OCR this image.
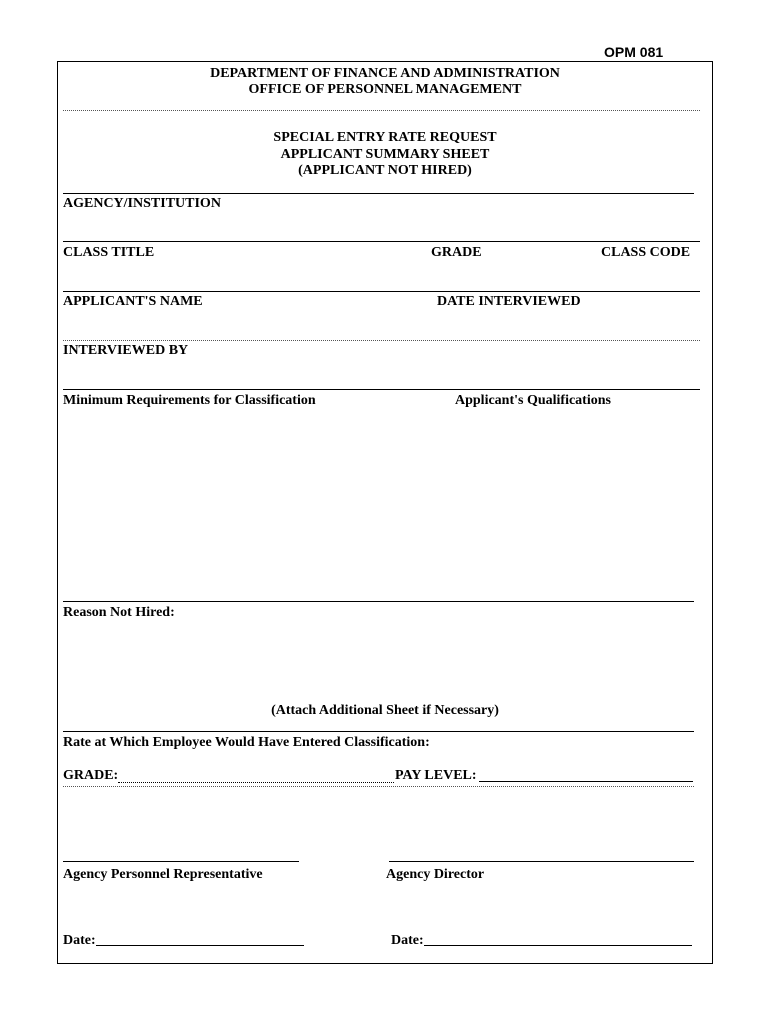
OPM 081
DEPARTMENT OF FINANCE AND ADMINISTRATION
OFFICE OF PERSONNEL MANAGEMENT
SPECIAL ENTRY RATE REQUEST
APPLICANT SUMMARY SHEET
(APPLICANT NOT HIRED)
AGENCY/INSTITUTION
CLASS TITLE	GRADE	CLASS CODE
APPLICANT'S NAME	DATE INTERVIEWED
INTERVIEWED BY
Minimum Requirements for Classification	Applicant's Qualifications
Reason Not Hired:
(Attach Additional Sheet if Necessary)
Rate at Which Employee Would Have Entered Classification:
GRADE:	PAY LEVEL:
Agency Personnel Representative	Agency Director
Date:	Date:
